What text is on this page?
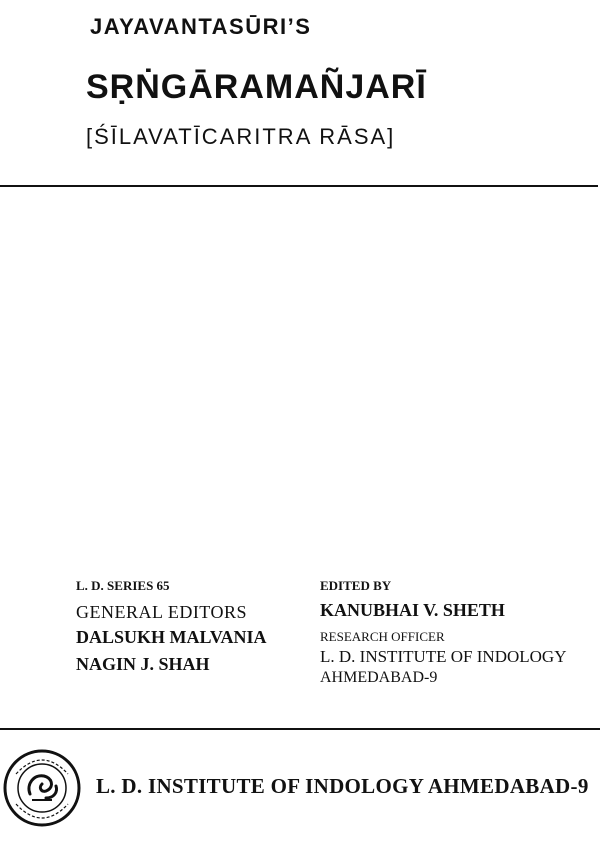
JAYAVANTASŪRI’S
SṚṄGĀRAMAÑJARĪ
[ŚĪLAVATĪCARITRA RĀSA]
L. D. SERIES 65
GENERAL EDITORS
DALSUKH MALVANIA
NAGIN J. SHAH
EDITED BY
KANUBHAI V. SHETH
RESEARCH OFFICER
L. D. INSTITUTE OF INDOLOGY
AHMEDABAD-9
L. D. INSTITUTE OF INDOLOGY AHMEDABAD-9
